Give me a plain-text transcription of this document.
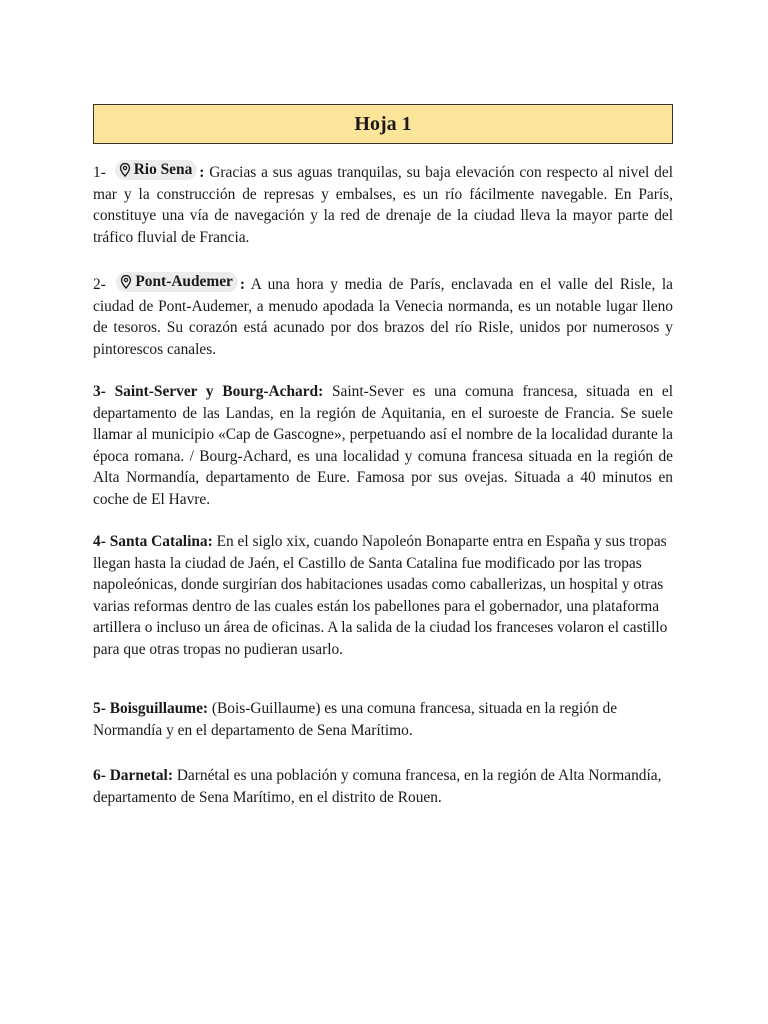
Hoja 1

1- Rio Sena : Gracias a sus aguas tranquilas, su baja elevación con respecto al nivel del mar y la construcción de represas y embalses, es un río fácilmente navegable. En París, constituye una vía de navegación y la red de drenaje de la ciudad lleva la mayor parte del tráfico fluvial de Francia.

2- Pont-Audemer : A una hora y media de París, enclavada en el valle del Risle, la ciudad de Pont-Audemer, a menudo apodada la Venecia normanda, es un notable lugar lleno de tesoros. Su corazón está acunado por dos brazos del río Risle, unidos por numerosos y pintorescos canales.

3- Saint-Server y Bourg-Achard: Saint-Sever es una comuna francesa, situada en el departamento de las Landas, en la región de Aquitania, en el suroeste de Francia. Se suele llamar al municipio «Cap de Gascogne», perpetuando así el nombre de la localidad durante la época romana. / Bourg-Achard, es una localidad y comuna francesa situada en la región de Alta Normandía, departamento de Eure. Famosa por sus ovejas. Situada a 40 minutos en coche de El Havre.

4- Santa Catalina: En el siglo xix, cuando Napoleón Bonaparte entra en España y sus tropas llegan hasta la ciudad de Jaén, el Castillo de Santa Catalina fue modificado por las tropas napoleónicas, donde surgirían dos habitaciones usadas como caballerizas, un hospital y otras varias reformas dentro de las cuales están los pabellones para el gobernador, una plataforma artillera o incluso un área de oficinas. A la salida de la ciudad los franceses volaron el castillo para que otras tropas no pudieran usarlo.

5- Boisguillaume: (Bois-Guillaume) es una comuna francesa, situada en la región de Normandía y en el departamento de Sena Marítimo.

6- Darnetal: Darnétal es una población y comuna francesa, en la región de Alta Normandía, departamento de Sena Marítimo, en el distrito de Rouen.
